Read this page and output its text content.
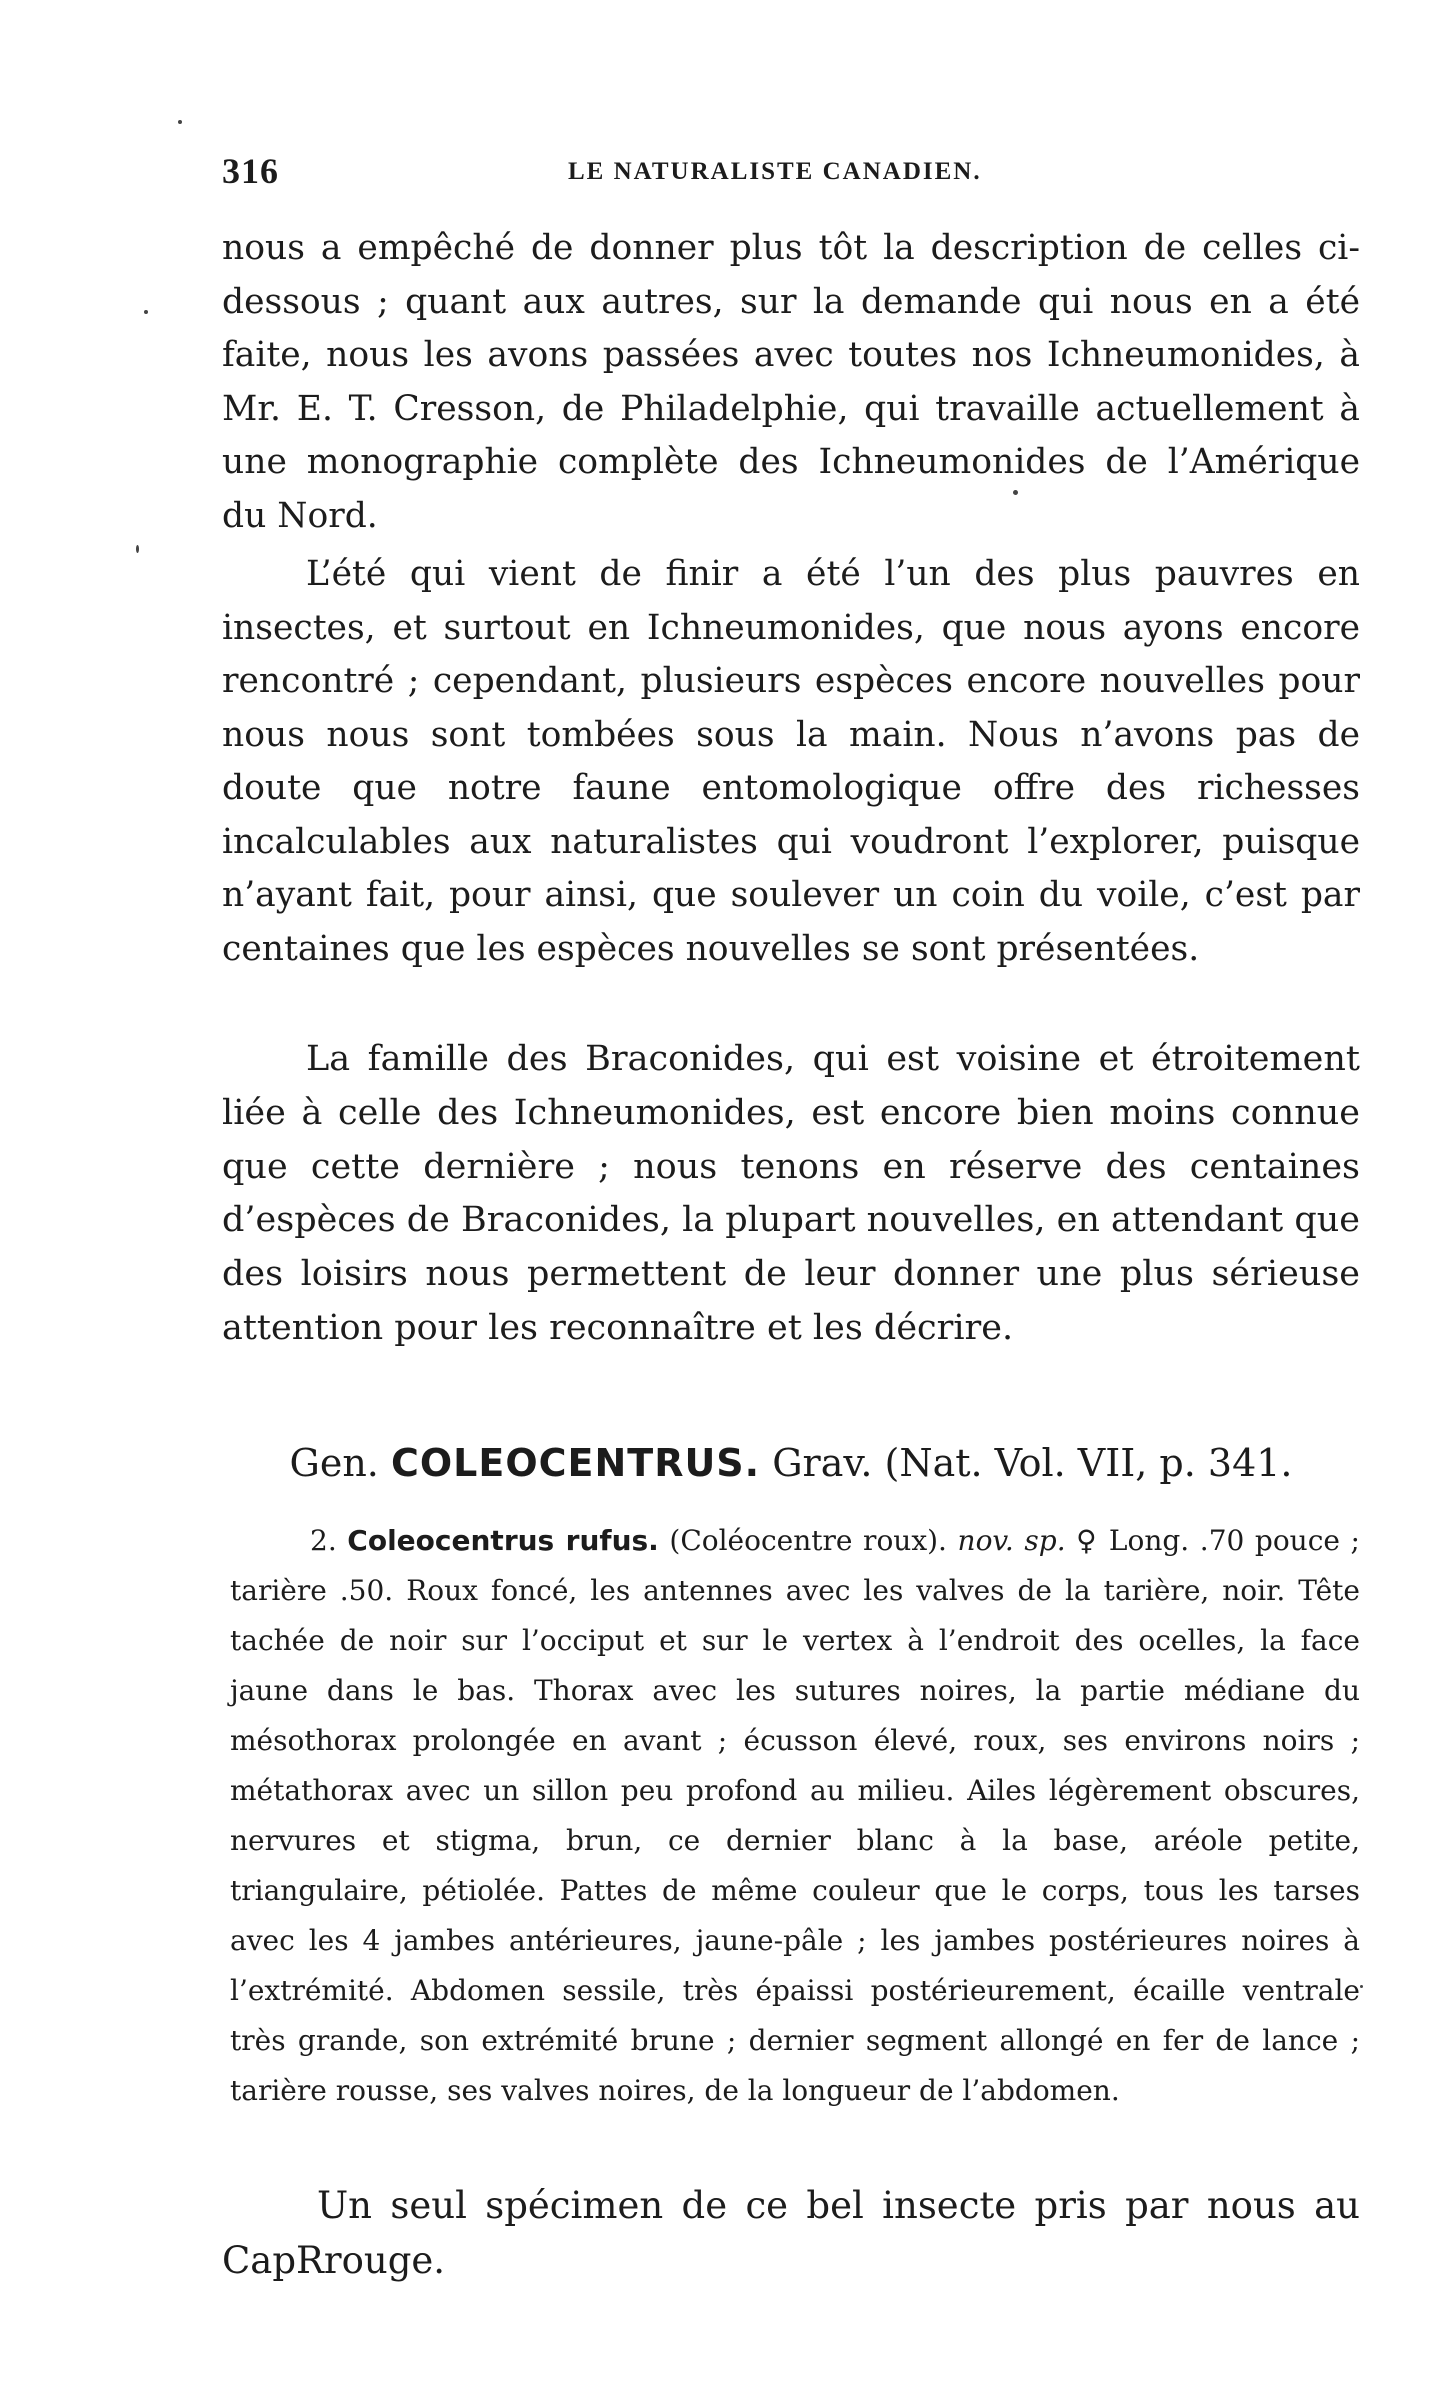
316	LE NATURALISTE CANADIEN.

nous a empêché de donner plus tôt la description de celles ci-dessous ; quant aux autres, sur la demande qui nous en a été faite, nous les avons passées avec toutes nos Ichneumonides, à Mr. E. T. Cresson, de Philadelphie, qui travaille actuellement à une monographie complète des Ichneumonides de l’Amérique du Nord.

L’été qui vient de finir a été l’un des plus pauvres en insectes, et surtout en Ichneumonides, que nous ayons encore rencontré ; cependant, plusieurs espèces encore nouvelles pour nous nous sont tombées sous la main. Nous n’avons pas de doute que notre faune entomologique offre des richesses incalculables aux naturalistes qui voudront l’explorer, puisque n’ayant fait, pour ainsi, que soulever un coin du voile, c’est par centaines que les espèces nouvelles se sont présentées.

La famille des Braconides, qui est voisine et étroitement liée à celle des Ichneumonides, est encore bien moins connue que cette dernière ; nous tenons en réserve des centaines d’espèces de Braconides, la plupart nouvelles, en attendant que des loisirs nous permettent de leur donner une plus sérieuse attention pour les reconnaître et les décrire.

Gen. COLEOCENTRUS. Grav. (Nat. Vol. VII, p. 341.

2. Coleocentrus rufus. (Coléocentre roux). nov. sp. ♀ Long. .70 pouce ; tarière .50. Roux foncé, les antennes avec les valves de la tarière, noir. Tête tachée de noir sur l’occiput et sur le vertex à l’endroit des ocelles, la face jaune dans le bas. Thorax avec les sutures noires, la partie médiane du mésothorax prolongée en avant ; écusson élevé, roux, ses environs noirs ; métathorax avec un sillon peu profond au milieu. Ailes légèrement obscures, nervures et stigma, brun, ce dernier blanc à la base, aréole petite, triangulaire, pétiolée. Pattes de même couleur que le corps, tous les tarses avec les 4 jambes antérieures, jaune-pâle ; les jambes postérieures noires à l’extrémité. Abdomen sessile, très épaissi postérieurement, écaille ventrale très grande, son extrémité brune ; dernier segment allongé en fer de lance ; tarière rousse, ses valves noires, de la longueur de l’abdomen.

Un seul spécimen de ce bel insecte pris par nous au CapRrouge.
